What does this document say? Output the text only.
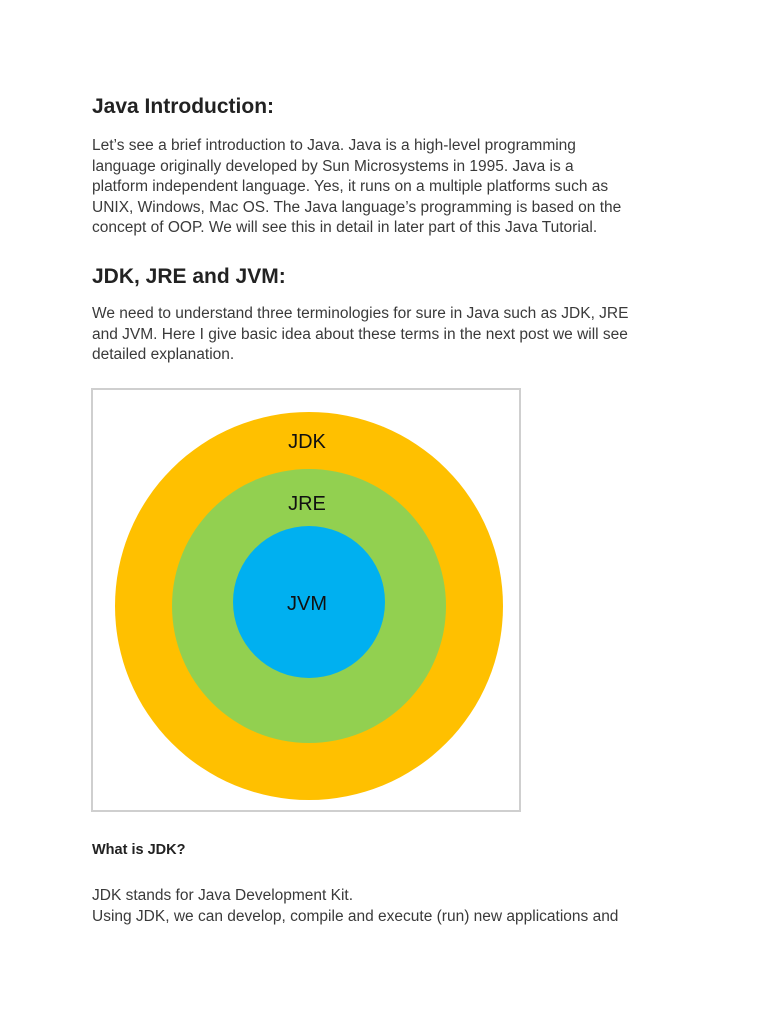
Java Introduction:

Let’s see a brief introduction to Java. Java is a high-level programming
language originally developed by Sun Microsystems in 1995. Java is a
platform independent language. Yes, it runs on a multiple platforms such as
UNIX, Windows, Mac OS. The Java language’s programming is based on the
concept of OOP. We will see this in detail in later part of this Java Tutorial.

JDK, JRE and JVM:

We need to understand three terminologies for sure in Java such as JDK, JRE
and JVM. Here I give basic idea about these terms in the next post we will see
detailed explanation.

JDK
JRE
JVM
What is JDK?

JDK stands for Java Development Kit.
Using JDK, we can develop, compile and execute (run) new applications and
